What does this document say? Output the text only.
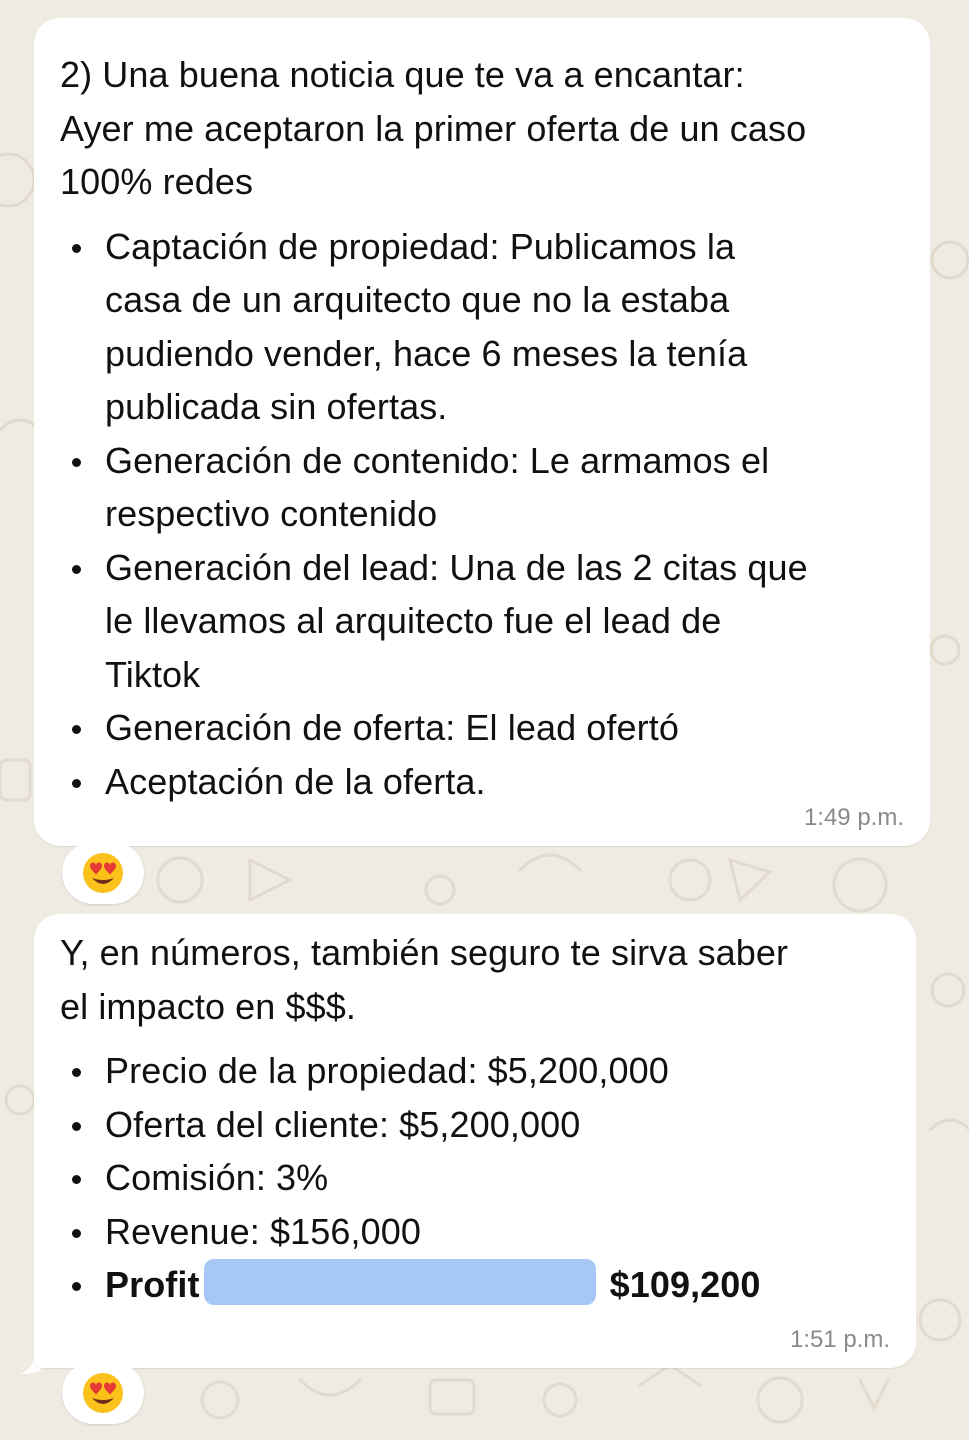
2) Una buena noticia que te va a encantar:
Ayer me aceptaron la primer oferta de un caso
100% redes
Captación de propiedad: Publicamos la
casa de un arquitecto que no la estaba
pudiendo vender, hace 6 meses la tenía
publicada sin ofertas.
Generación de contenido: Le armamos el
respectivo contenido
Generación del lead: Una de las 2 citas que
le llevamos al arquitecto fue el lead de
Tiktok
Generación de oferta: El lead ofertó
Aceptación de la oferta.
1:49 p.m.
Y, en números, también seguro te sirva saber
el impacto en $$$.
Precio de la propiedad: $5,200,000
Oferta del cliente: $5,200,000
Comisión: 3%
Revenue: $156,000
Profit	$109,200
1:51 p.m.
